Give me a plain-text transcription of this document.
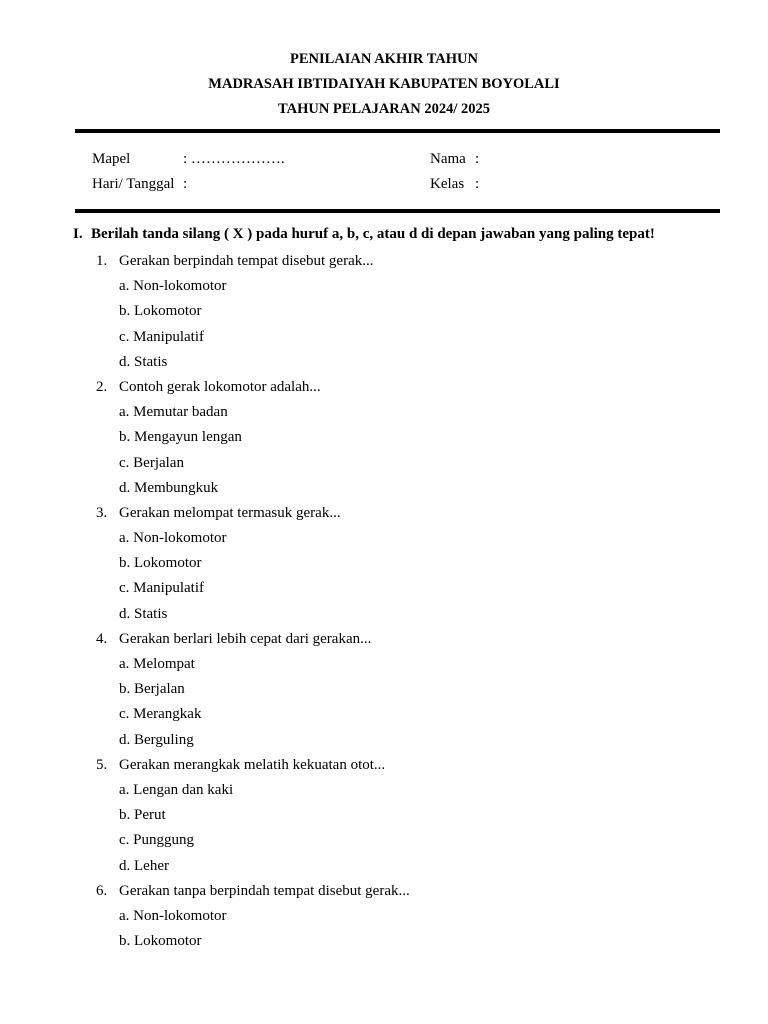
PENILAIAN AKHIR TAHUN
MADRASAH IBTIDAIYAH KABUPATEN BOYOLALI
TAHUN PELAJARAN 2024/ 2025
Mapel	: ……………….
Hari/ Tanggal :
Nama :
Kelas :
I. Berilah tanda silang ( X ) pada huruf a, b, c, atau d di depan jawaban yang paling tepat!
1. Gerakan berpindah tempat disebut gerak...
a. Non-lokomotor
b. Lokomotor
c. Manipulatif
d. Statis
2. Contoh gerak lokomotor adalah...
a. Memutar badan
b. Mengayun lengan
c. Berjalan
d. Membungkuk
3. Gerakan melompat termasuk gerak...
a. Non-lokomotor
b. Lokomotor
c. Manipulatif
d. Statis
4. Gerakan berlari lebih cepat dari gerakan...
a. Melompat
b. Berjalan
c. Merangkak
d. Berguling
5. Gerakan merangkak melatih kekuatan otot...
a. Lengan dan kaki
b. Perut
c. Punggung
d. Leher
6. Gerakan tanpa berpindah tempat disebut gerak...
a. Non-lokomotor
b. Lokomotor
